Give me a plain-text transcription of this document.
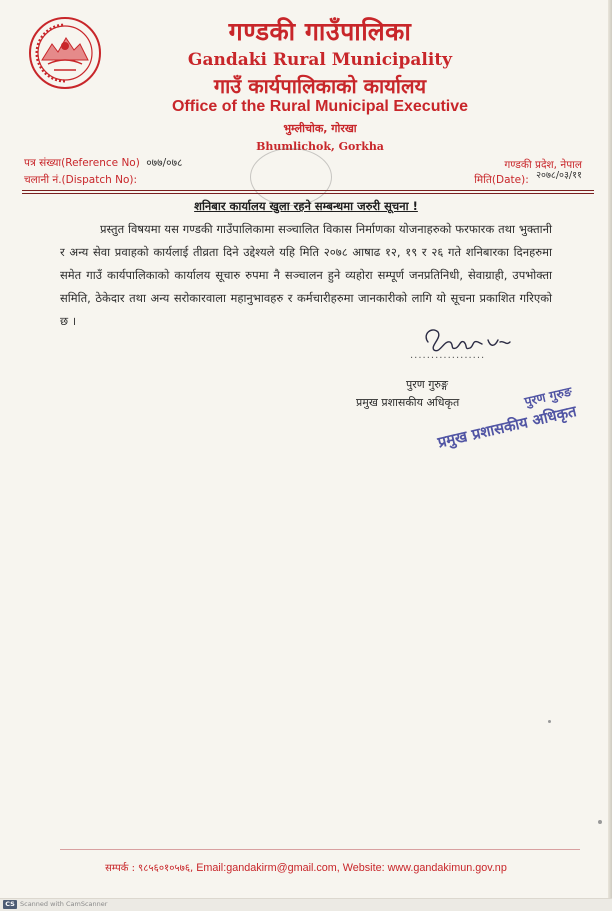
गण्डकी गाउँपालिका
Gandaki Rural Municipality
गाउँ कार्यपालिकाको कार्यालय
Office of the Rural Municipal Executive
भुम्लीचोक, गोरखा
Bhumlichok, Gorkha
पत्र संख्या(Reference No) ०७७/०७८
चलानी नं.(Dispatch No):
गण्डकी प्रदेश, नेपाल
मिति(Date): २०७८/०३/११
शनिबार कार्यालय खुला रहने सम्बन्धमा जरुरी सूचना !

प्रस्तुत विषयमा यस गण्डकी गाउँपालिकामा सञ्चालित विकास निर्माणका योजनाहरुको फरफारक तथा भुक्तानी र अन्य सेवा प्रवाहको कार्यलाई तीव्रता दिने उद्देश्यले यहि मिति २०७८ आषाढ १२, १९ र २६ गते शनिबारका दिनहरुमा समेत गाउँ कार्यपालिकाको कार्यालय सूचारु रुपमा नै सञ्चालन हुने व्यहोरा सम्पूर्ण जनप्रतिनिधी, सेवाग्राही, उपभोक्ता समिति, ठेकेदार तथा अन्य सरोकारवाला महानुभावहरु र कर्मचारीहरुमा जानकारीको लागि यो सूचना प्रकाशित गरिएको छ ।

..................
पुरण गुरुङ्ग
प्रमुख प्रशासकीय अधिकृत	पुरण गुरुङ
प्रमुख प्रशासकीय अधिकृत
सम्पर्क : ९८५६०१०५७६, Email:gandakirm@gmail.com, Website: www.gandakimun.gov.np
CS Scanned with CamScanner
